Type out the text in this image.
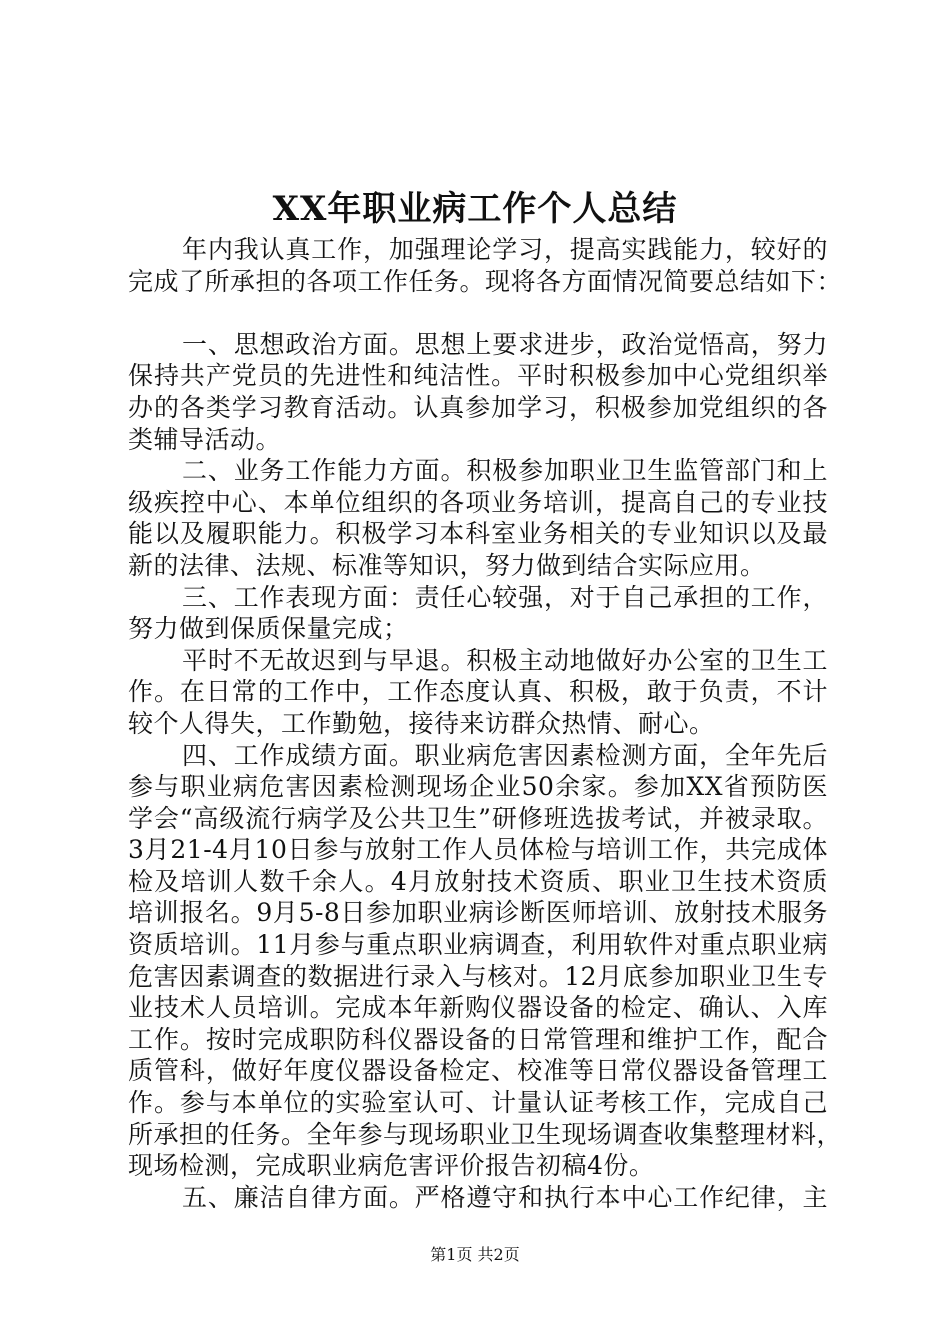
XX年职业病工作个人总结
年内我认真工作，加强理论学习，提高实践能力，较好的
完成了所承担的各项工作任务。现将各方面情况简要总结如下：
一、思想政治方面。思想上要求进步，政治觉悟高，努力
保持共产党员的先进性和纯洁性。平时积极参加中心党组织举
办的各类学习教育活动。认真参加学习，积极参加党组织的各
类辅导活动。
二、业务工作能力方面。积极参加职业卫生监管部门和上
级疾控中心、本单位组织的各项业务培训，提高自己的专业技
能以及履职能力。积极学习本科室业务相关的专业知识以及最
新的法律、法规、标准等知识，努力做到结合实际应用。
三、工作表现方面：责任心较强，对于自己承担的工作，
努力做到保质保量完成；
平时不无故迟到与早退。积极主动地做好办公室的卫生工
作。在日常的工作中，工作态度认真、积极，敢于负责，不计
较个人得失，工作勤勉，接待来访群众热情、耐心。
四、工作成绩方面。职业病危害因素检测方面，全年先后
参与职业病危害因素检测现场企业50余家。参加XX省预防医
学会“高级流行病学及公共卫生”研修班选拔考试，并被录取。
3月21-4月10日参与放射工作人员体检与培训工作，共完成体
检及培训人数千余人。4月放射技术资质、职业卫生技术资质
培训报名。9月5-8日参加职业病诊断医师培训、放射技术服务
资质培训。11月参与重点职业病调查，利用软件对重点职业病
危害因素调查的数据进行录入与核对。12月底参加职业卫生专
业技术人员培训。完成本年新购仪器设备的检定、确认、入库
工作。按时完成职防科仪器设备的日常管理和维护工作，配合
质管科，做好年度仪器设备检定、校准等日常仪器设备管理工
作。参与本单位的实验室认可、计量认证考核工作，完成自己
所承担的任务。全年参与现场职业卫生现场调查收集整理材料，
现场检测，完成职业病危害评价报告初稿4份。
五、廉洁自律方面。严格遵守和执行本中心工作纪律，主
第1页 共2页
